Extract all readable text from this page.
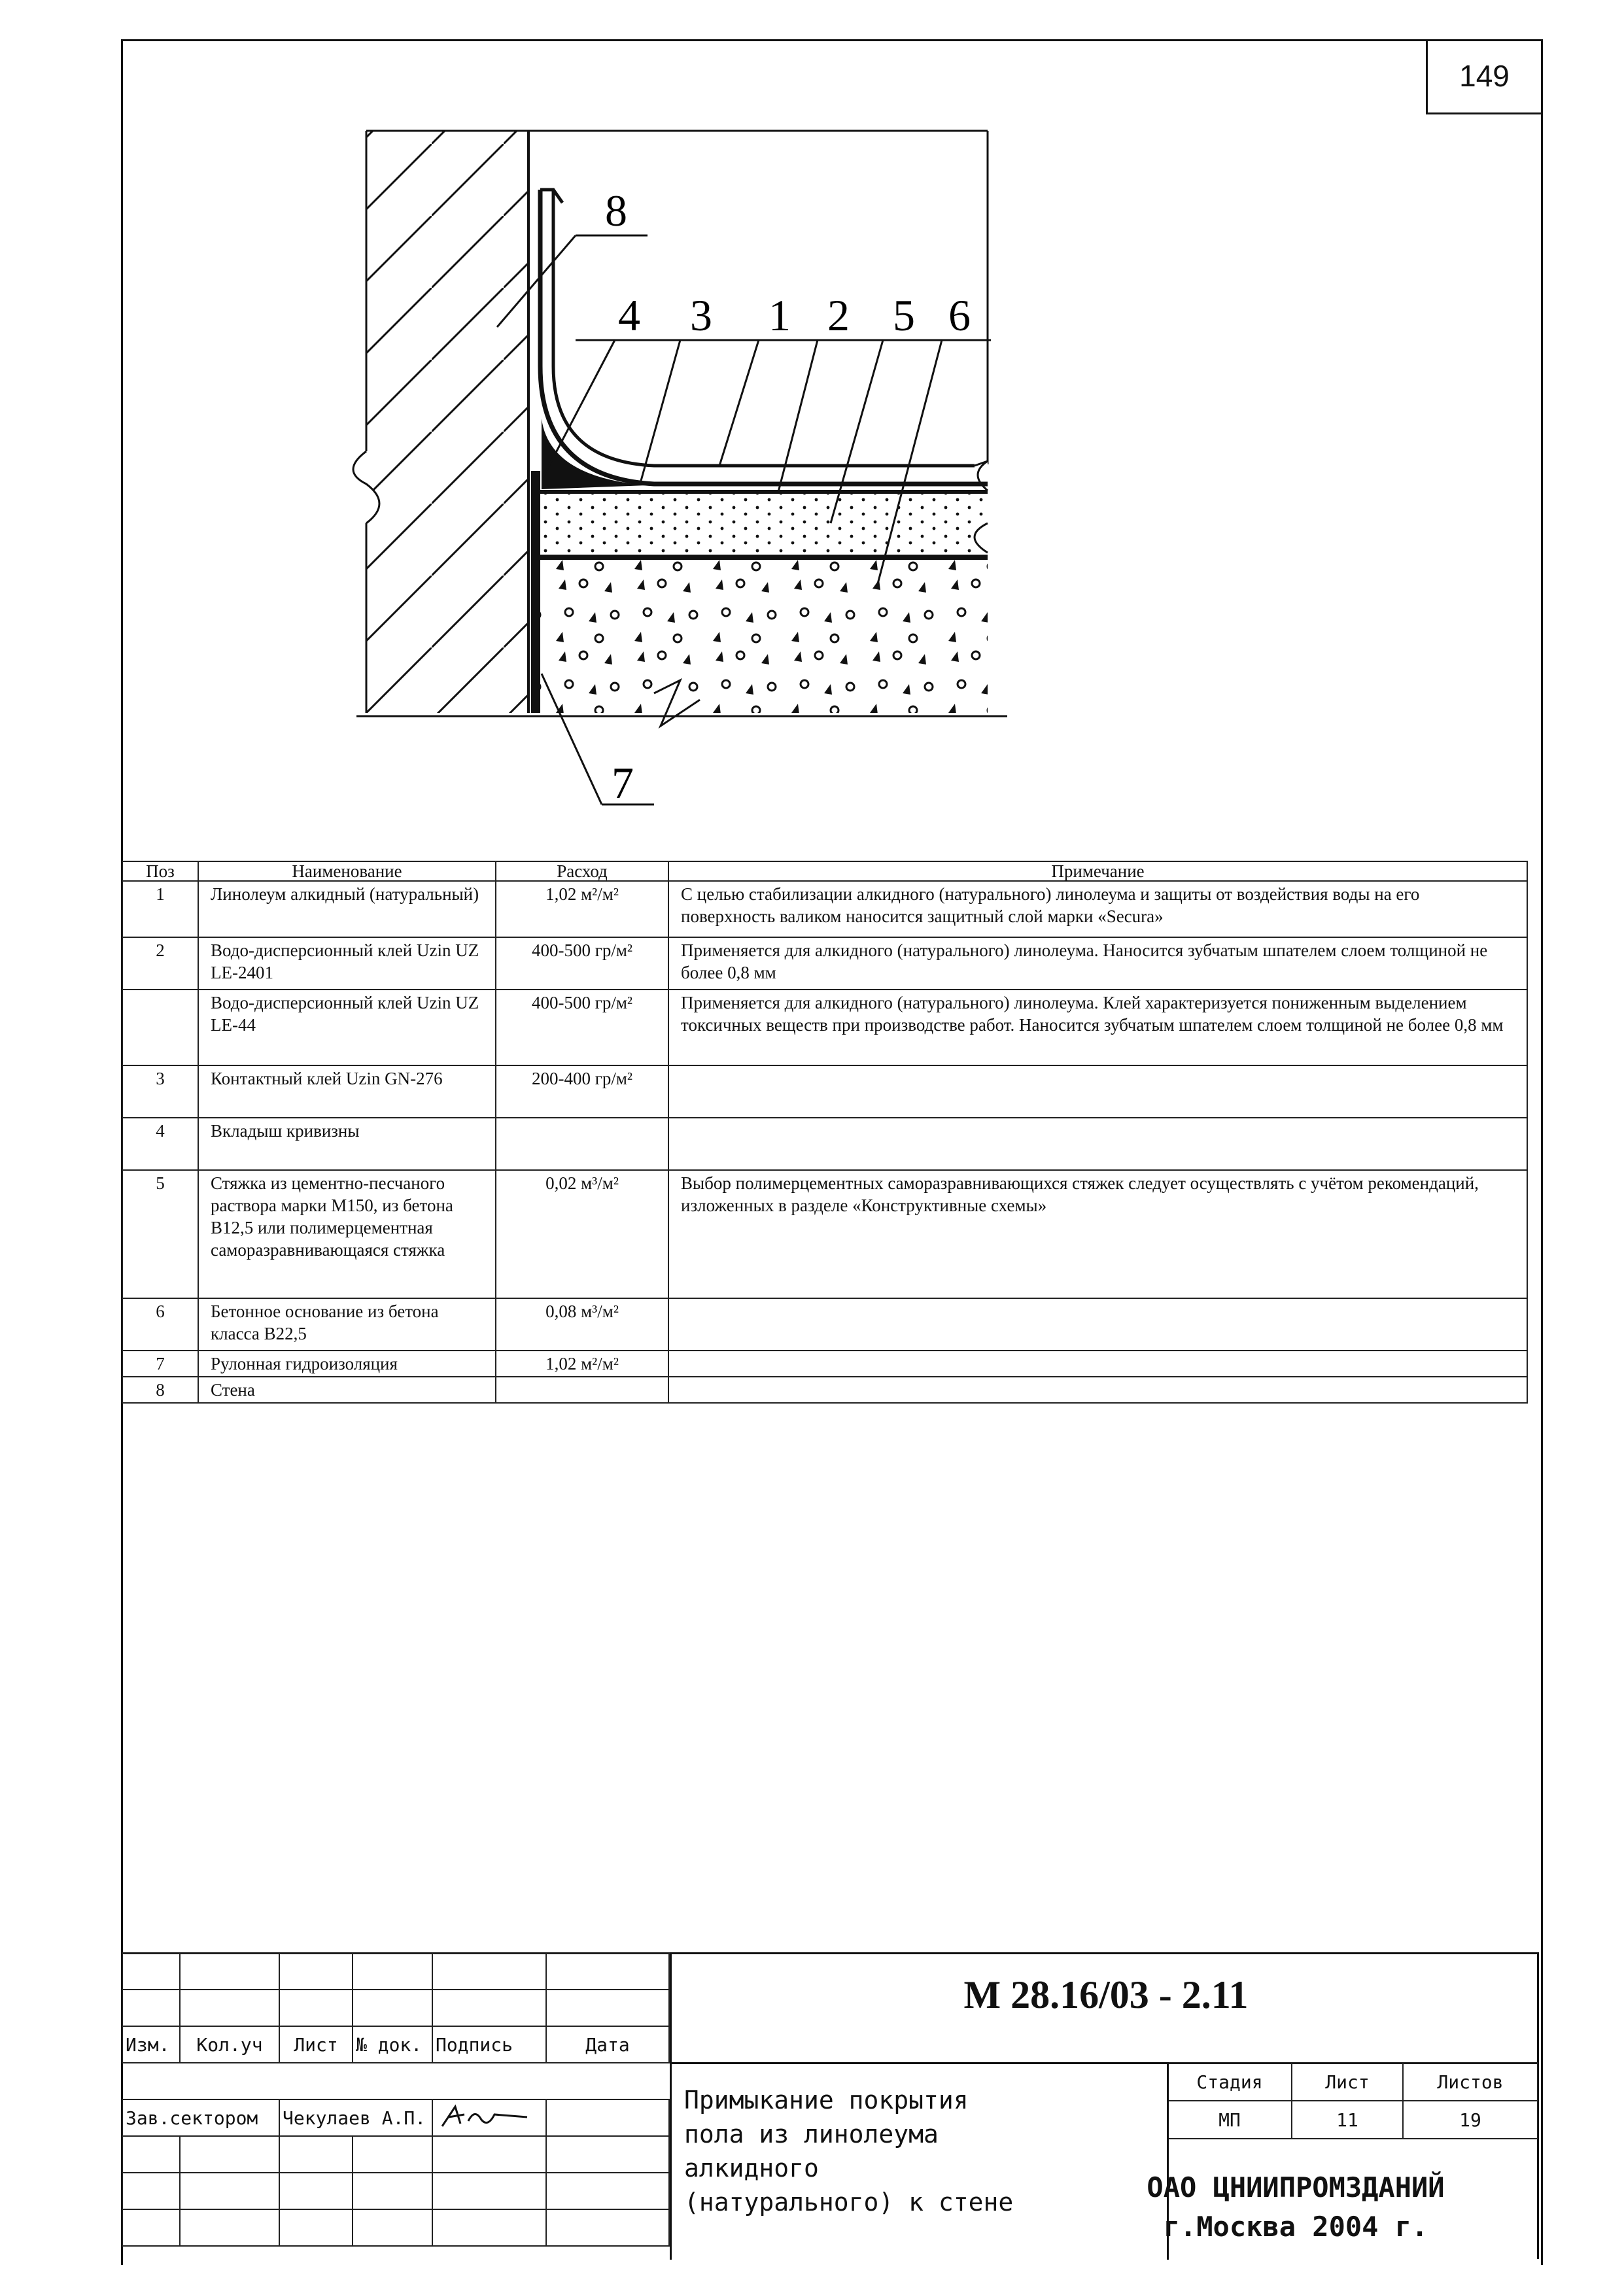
149
8
4 3 1 2 5 6
7
Поз	Наименование	Расход	Примечание
1	Линолеум алкидный (натуральный)	1,02 м²/м²	С целью стабилизации алкидного (натурального) линолеума и защиты от воздействия воды на его поверхность валиком наносится защитный слой марки «Secura»
2	Водо-дисперсионный клей Uzin UZ LE-2401	400-500 гр/м²	Применяется для алкидного (натурального) линолеума. Наносится зубчатым шпателем слоем толщиной не более 0,8 мм
	Водо-дисперсионный клей Uzin UZ LE-44	400-500 гр/м²	Применяется для алкидного (натурального) линолеума. Клей характеризуется пониженным выделением токсичных веществ при производстве работ. Наносится зубчатым шпателем слоем толщиной не более 0,8 мм
3	Контактный клей Uzin GN-276	200-400 гр/м²	
4	Вкладыш кривизны		
5	Стяжка из цементно-песчаного раствора марки М150, из бетона В12,5 или полимерцементная саморазравнивающаяся стяжка	0,02 м³/м²	Выбор полимерцементных саморазравнивающихся стяжек следует осуществлять с учётом рекомендаций, изложенных в разделе «Конструктивные схемы»
6	Бетонное основание из бетона класса В22,5	0,08 м³/м²	
7	Рулонная гидроизоляция	1,02 м²/м²	
8	Стена		
М 28.16/03 - 2.11

Изм.	Кол.уч	Лист	№ док.	Подпись	Дата

Зав.сектором		Чекулаев А.П.		

Примыкание покрытия пола из линолеума алкидного (натурального) к стене
Стадия	Лист	Листов
МП	11	19
ОАО ЦНИИПРОМЗДАНИЙ
г.Москва 2004 г.
